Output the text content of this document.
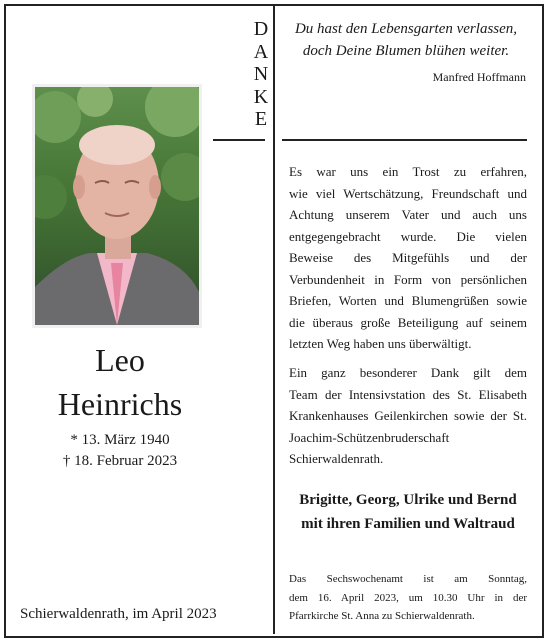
D
A
N
K
E
Du hast den Lebensgarten verlassen,
doch Deine Blumen blühen weiter.
Manfred Hoffmann
Leo
Heinrichs
* 13. März 1940
† 18. Februar 2023
Schierwaldenrath, im April 2023
Es war uns ein Trost zu erfahren,
wie viel Wertschätzung, Freundschaft und
Achtung unserem Vater und auch uns
entgegengebracht wurde. Die vielen
Beweise des Mitgefühls und der
Verbundenheit in Form von persönlichen
Briefen, Worten und Blumengrüßen sowie
die überaus große Beteiligung auf seinem
letzten Weg haben uns überwältigt.
Ein ganz besonderer Dank gilt dem
Team der Intensivstation des St. Elisabeth
Krankenhauses Geilenkirchen sowie der St.
Joachim-Schützenbruderschaft
Schierwaldenrath.
Brigitte, Georg, Ulrike und Bernd
mit ihren Familien und Waltraud
Das Sechswochenamt ist am Sonntag,
dem 16. April 2023, um 10.30 Uhr in der
Pfarrkirche St. Anna zu Schierwaldenrath.
